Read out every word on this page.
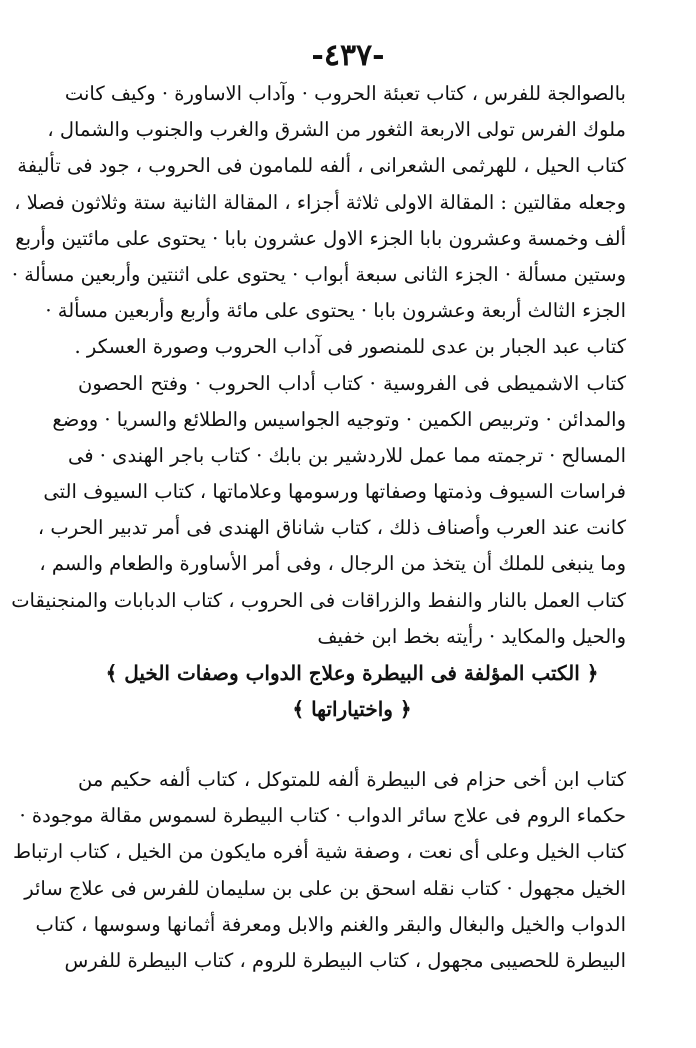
-٤٣٧-
بالصوالجة للفرس ، كتاب تعبئة الحروب · وآداب الاساورة · وكيف كانت
ملوك الفرس تولى الاربعة الثغور من الشرق والغرب والجنوب والشمال ،
كتاب الحيل ، للهرثمى الشعرانى ، ألفه للمامون فى الحروب ، جود فى تأليفة
وجعله مقالتين : المقالة الاولى ثلاثة أجزاء ، المقالة الثانية ستة وثلاثون فصلا ،
ألف وخمسة وعشرون بابا الجزء الاول عشرون بابا · يحتوى على مائتين وأربع
وستين مسألة · الجزء الثانى سبعة أبواب · يحتوى على اثنتين وأربعين مسألة ·
الجزء الثالث أربعة وعشرون بابا · يحتوى على مائة وأربع وأربعين مسألة ·
كتاب عبد الجبار بن عدى للمنصور فى آداب الحروب وصورة العسكر .
كتاب الاشميطى فى الفروسية · كتاب أداب الحروب · وفتح الحصون
والمدائن · وتربيص الكمين · وتوجيه الجواسيس والطلائع والسريا · ووضع
المسالح · ترجمته مما عمل للاردشير بن بابك · كتاب باجر الهندى · فى
فراسات السيوف وذمتها وصفاتها ورسومها وعلاماتها ، كتاب السيوف التى
كانت عند العرب وأصناف ذلك ، كتاب شاناق الهندى فى أمر تدبير الحرب ،
وما ينبغى للملك أن يتخذ من الرجال ، وفى أمر الأساورة والطعام والسم ،
كتاب العمل بالنار والنفط والزراقات فى الحروب ، كتاب الدبابات والمنجنيقات
والحيل والمكايد · رأيته بخط ابن خفيف
﴿ الكتب المؤلفة فى البيطرة وعلاج الدواب وصفات الخيل ﴾
﴿ واختياراتها ﴾
كتاب ابن أخى حزام فى البيطرة ألفه للمتوكل ، كتاب ألفه حكيم من
حكماء الروم فى علاج سائر الدواب · كتاب البيطرة لسموس مقالة موجودة ·
كتاب الخيل وعلى أى نعت ، وصفة شية أفره مايكون من الخيل ، كتاب ارتباط
الخيل مجهول · كتاب نقله اسحق بن على بن سليمان للفرس فى علاج سائر
الدواب والخيل والبغال والبقر والغنم والابل ومعرفة أثمانها وسوسها ، كتاب
البيطرة للحصيبى مجهول ، كتاب البيطرة للروم ، كتاب البيطرة للفرس
